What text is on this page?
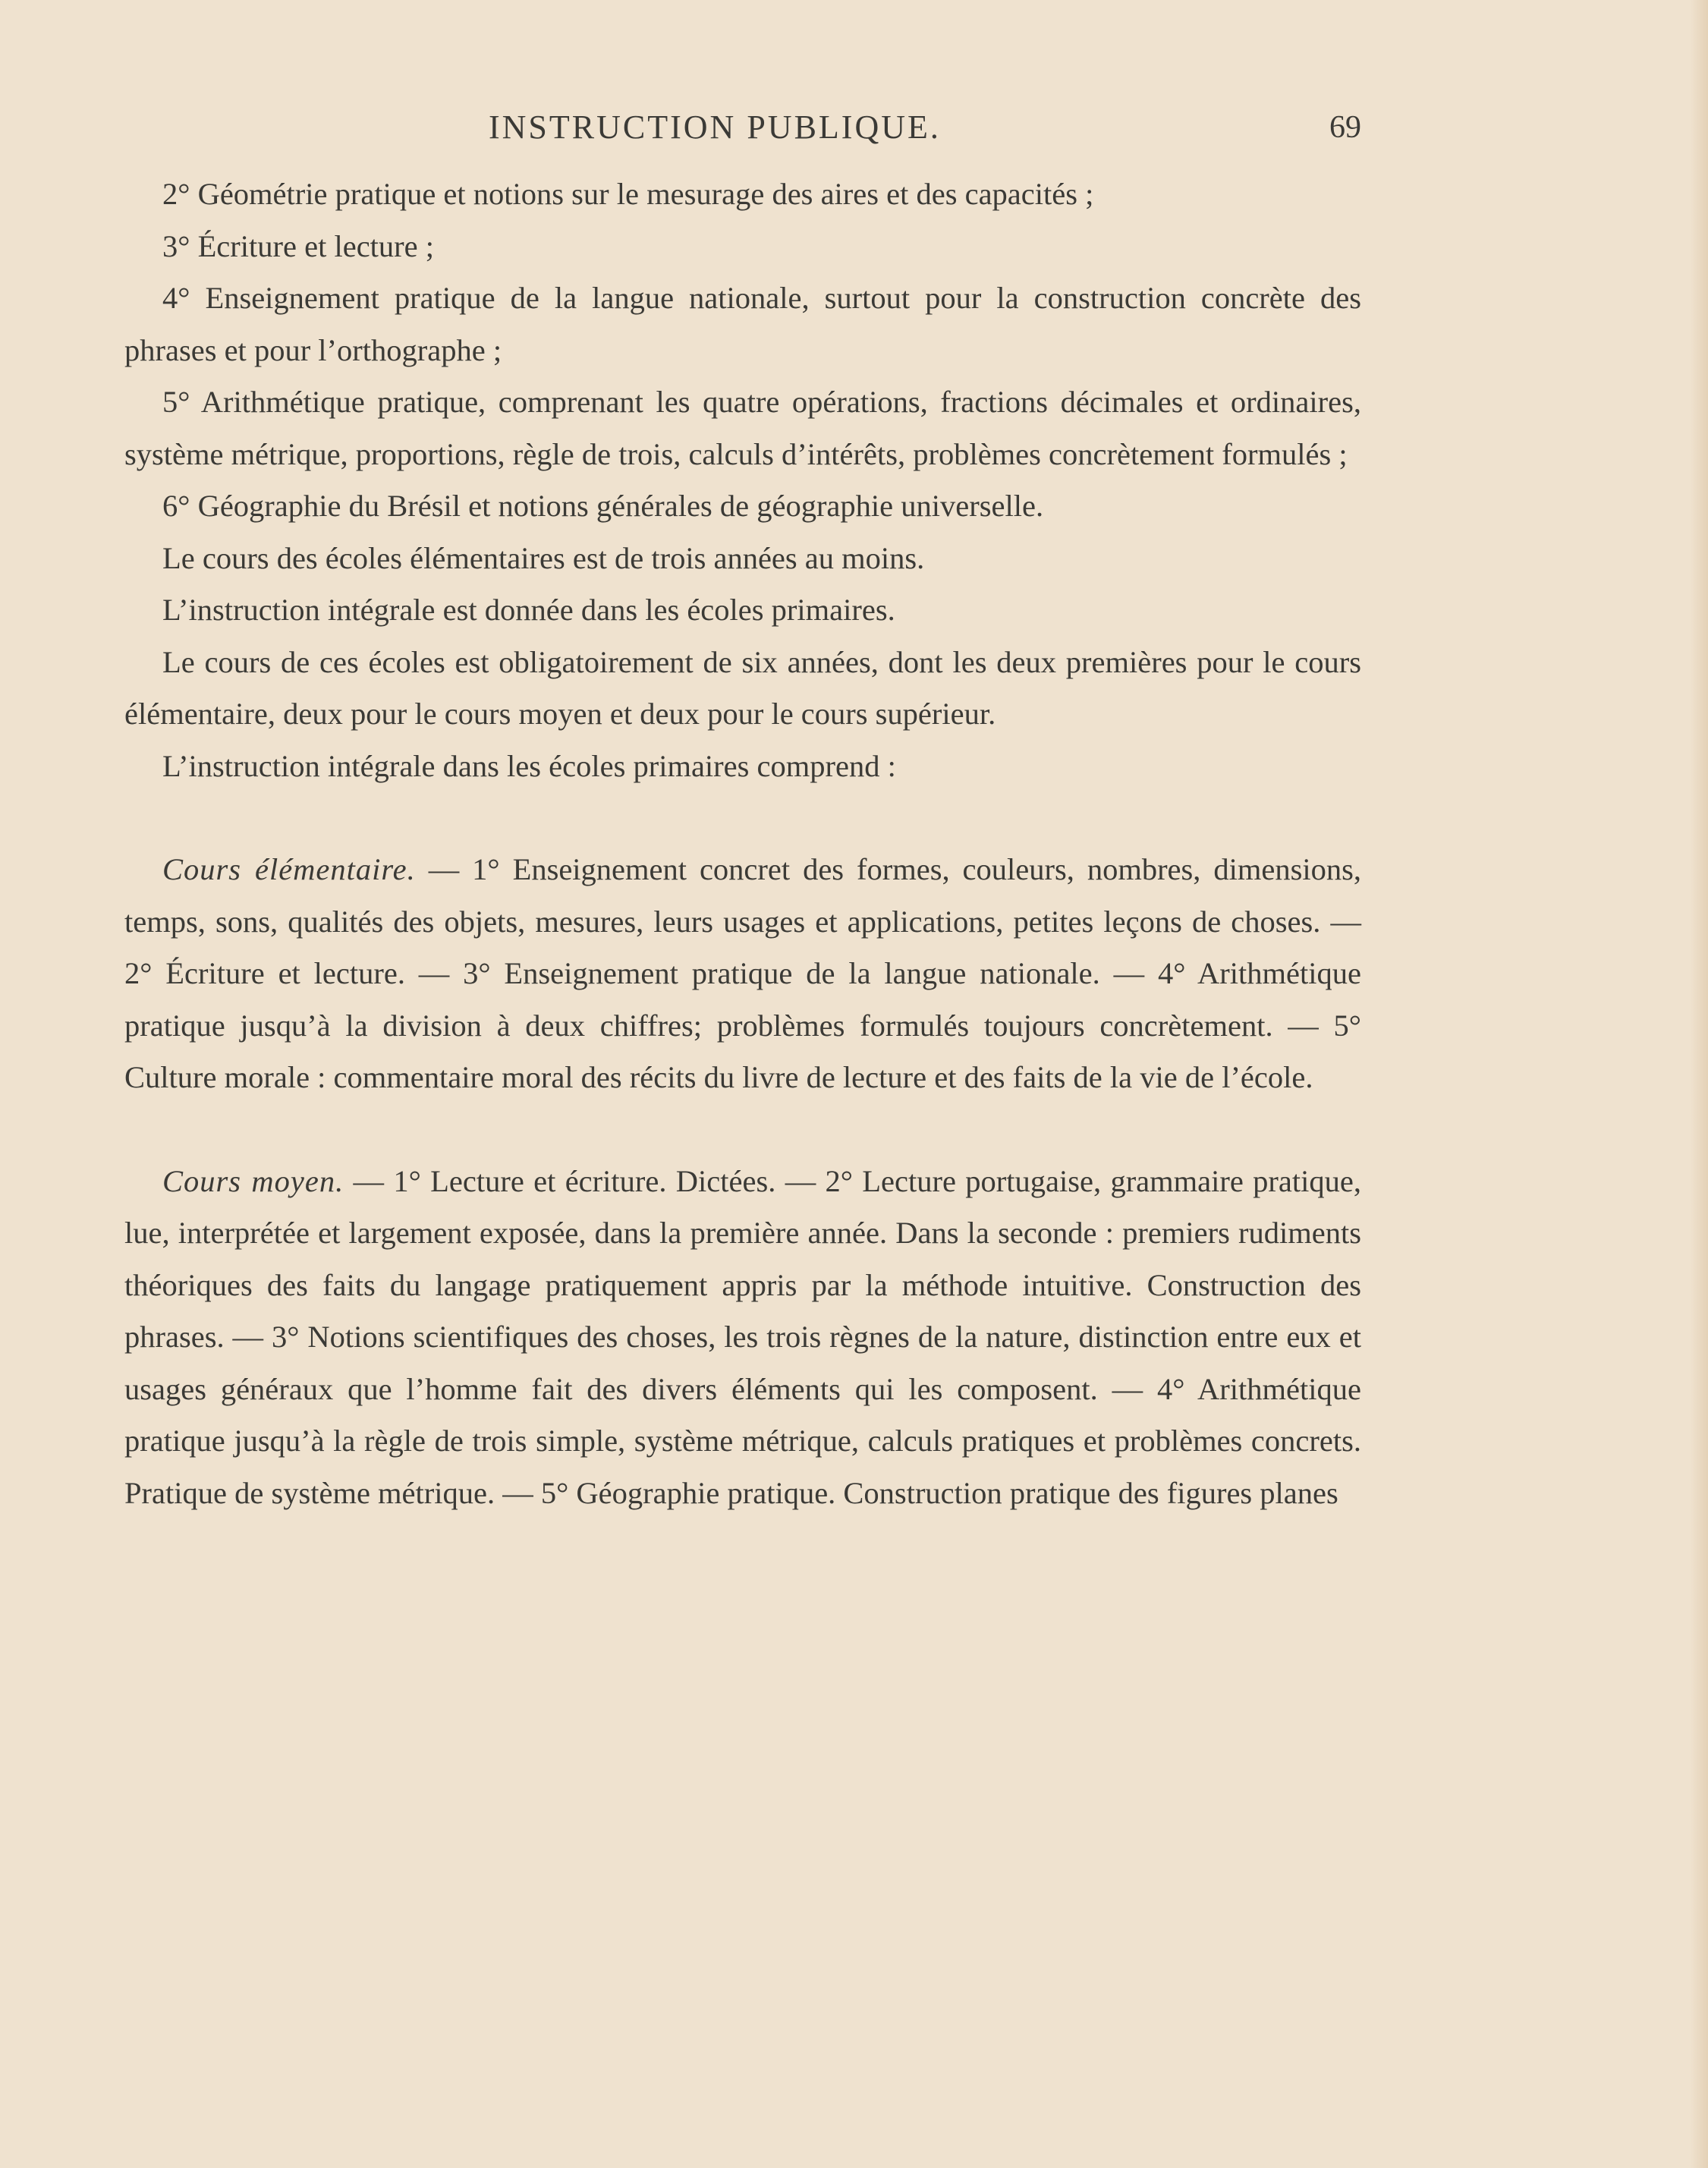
INSTRUCTION PUBLIQUE.	69

2° Géométrie pratique et notions sur le mesurage des aires et des capacités ;

3° Écriture et lecture ;

4° Enseignement pratique de la langue nationale, surtout pour la construction concrète des phrases et pour l’orthographe ;

5° Arithmétique pratique, comprenant les quatre opérations, fractions décimales et ordinaires, système métrique, proportions, règle de trois, calculs d’intérêts, problèmes concrètement formulés ;

6° Géographie du Brésil et notions générales de géographie universelle.

Le cours des écoles élémentaires est de trois années au moins.

L’instruction intégrale est donnée dans les écoles primaires.

Le cours de ces écoles est obligatoirement de six années, dont les deux premières pour le cours élémentaire, deux pour le cours moyen et deux pour le cours supérieur.

L’instruction intégrale dans les écoles primaires comprend :

Cours élémentaire. — 1° Enseignement concret des formes, couleurs, nombres, dimensions, temps, sons, qualités des objets, mesures, leurs usages et applications, petites leçons de choses. — 2° Écriture et lecture. — 3° Enseignement pratique de la langue nationale. — 4° Arithmétique pratique jusqu’à la division à deux chiffres; problèmes formulés toujours concrètement. — 5° Culture morale : commentaire moral des récits du livre de lecture et des faits de la vie de l’école.

Cours moyen. — 1° Lecture et écriture. Dictées. — 2° Lecture portugaise, grammaire pratique, lue, interprétée et largement exposée, dans la première année. Dans la seconde : premiers rudiments théoriques des faits du langage pratiquement appris par la méthode intuitive. Construction des phrases. — 3° Notions scientifiques des choses, les trois règnes de la nature, distinction entre eux et usages généraux que l’homme fait des divers éléments qui les composent. — 4° Arithmétique pratique jusqu’à la règle de trois simple, système métrique, calculs pratiques et problèmes concrets. Pratique de système métrique. — 5° Géographie pratique. Construction pratique des figures planes
